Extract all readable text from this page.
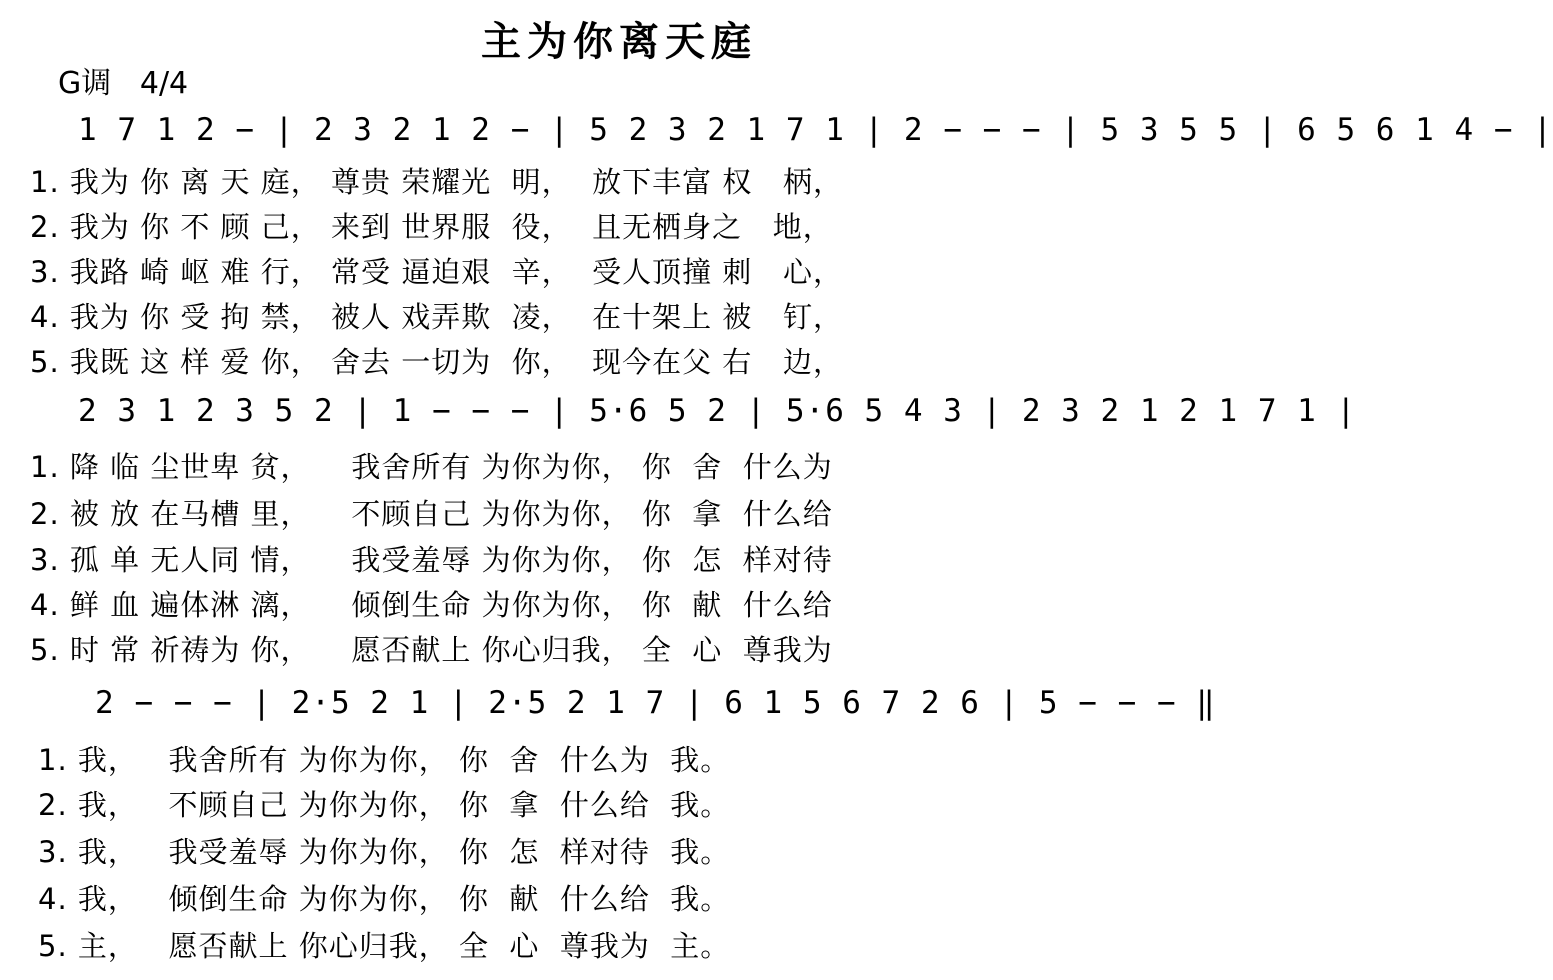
主为你离天庭
G调   4/4
1 7 1 2 − | 2 3 2 1 2 − | 5 2 3 2 1 7 1 | 2 − − − | 5 3 5 5 | 6 5 6 1 4 − |
1. 我为 你 离 天 庭， 尊贵 荣耀光  明，  放下丰富 权   柄，
2. 我为 你 不 顾 己， 来到 世界服  役，  且无栖身之   地，
3. 我路 崎 岖 难 行， 常受 逼迫艰  辛，  受人顶撞 刺   心，
4. 我为 你 受 拘 禁， 被人 戏弄欺  凌，  在十架上 被   钉，
5. 我既 这 样 爱 你， 舍去 一切为  你，  现今在父 右   边，
2 3 1 2 3 5 2 | 1 − − − | 5·6 5 2 | 5·6 5 4 3 | 2 3 2 1 2 1 7 1 |
1. 降 临 尘世卑 贫，    我舍所有 为你为你， 你  舍  什么为
2. 被 放 在马槽 里，    不顾自己 为你为你， 你  拿  什么给
3. 孤 单 无人同 情，    我受羞辱 为你为你， 你  怎  样对待
4. 鲜 血 遍体淋 漓，    倾倒生命 为你为你， 你  献  什么给
5. 时 常 祈祷为 你，    愿否献上 你心归我， 全  心  尊我为
2 − − − | 2·5 2 1 | 2·5 2 1 7 | 6 1 5 6 7 2 6 | 5 − − − ‖
1. 我，   我舍所有 为你为你， 你  舍  什么为  我。
2. 我，   不顾自己 为你为你， 你  拿  什么给  我。
3. 我，   我受羞辱 为你为你， 你  怎  样对待  我。
4. 我，   倾倒生命 为你为你， 你  献  什么给  我。
5. 主，   愿否献上 你心归我， 全  心  尊我为  主。
